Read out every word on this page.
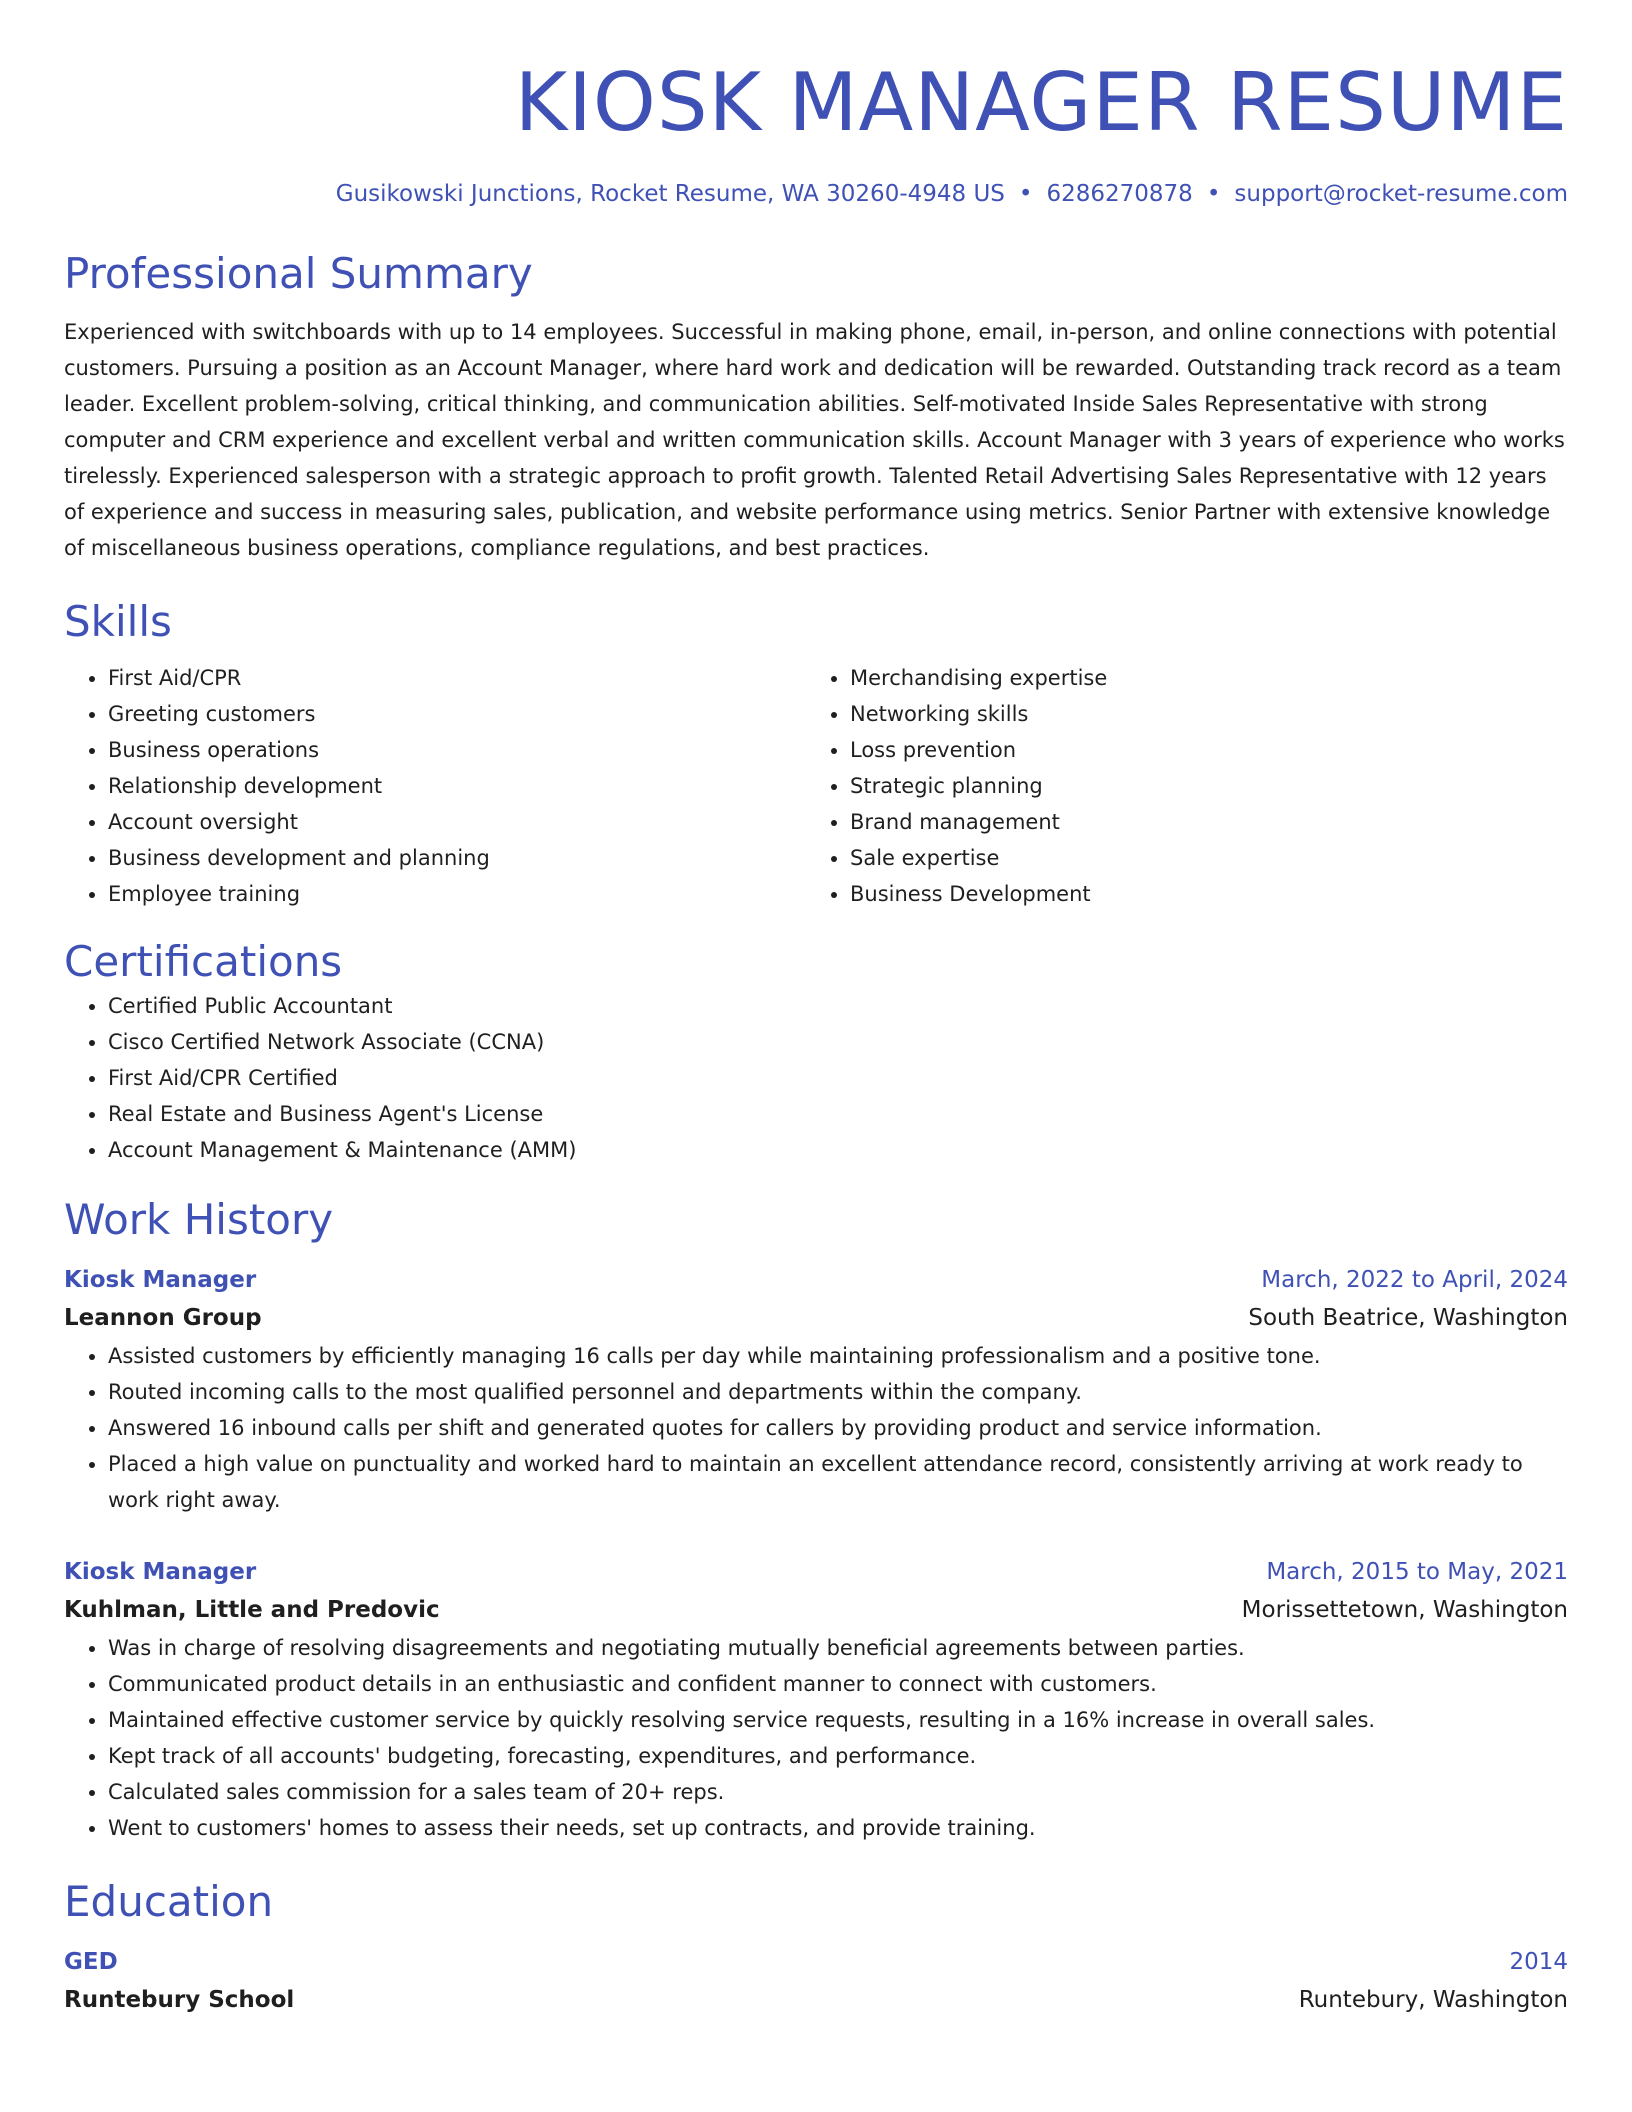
KIOSK MANAGER RESUME
Gusikowski Junctions, Rocket Resume, WA 30260-4948 US • 6286270878 • support@rocket-resume.com
Professional Summary
Experienced with switchboards with up to 14 employees. Successful in making phone, email, in-person, and online connections with potential customers. Pursuing a position as an Account Manager, where hard work and dedication will be rewarded. Outstanding track record as a team leader. Excellent problem-solving, critical thinking, and communication abilities. Self-motivated Inside Sales Representative with strong computer and CRM experience and excellent verbal and written communication skills. Account Manager with 3 years of experience who works tirelessly. Experienced salesperson with a strategic approach to profit growth. Talented Retail Advertising Sales Representative with 12 years of experience and success in measuring sales, publication, and website performance using metrics. Senior Partner with extensive knowledge of miscellaneous business operations, compliance regulations, and best practices.
Skills
• First Aid/CPR
• Greeting customers
• Business operations
• Relationship development
• Account oversight
• Business development and planning
• Employee training
• Merchandising expertise
• Networking skills
• Loss prevention
• Strategic planning
• Brand management
• Sale expertise
• Business Development
Certifications
• Certified Public Accountant
• Cisco Certified Network Associate (CCNA)
• First Aid/CPR Certified
• Real Estate and Business Agent's License
• Account Management & Maintenance (AMM)
Work History
Kiosk Manager	March, 2022 to April, 2024
Leannon Group	South Beatrice, Washington
• Assisted customers by efficiently managing 16 calls per day while maintaining professionalism and a positive tone.
• Routed incoming calls to the most qualified personnel and departments within the company.
• Answered 16 inbound calls per shift and generated quotes for callers by providing product and service information.
• Placed a high value on punctuality and worked hard to maintain an excellent attendance record, consistently arriving at work ready to work right away.
Kiosk Manager	March, 2015 to May, 2021
Kuhlman, Little and Predovic	Morissettetown, Washington
• Was in charge of resolving disagreements and negotiating mutually beneficial agreements between parties.
• Communicated product details in an enthusiastic and confident manner to connect with customers.
• Maintained effective customer service by quickly resolving service requests, resulting in a 16% increase in overall sales.
• Kept track of all accounts' budgeting, forecasting, expenditures, and performance.
• Calculated sales commission for a sales team of 20+ reps.
• Went to customers' homes to assess their needs, set up contracts, and provide training.
Education
GED	2014
Runtebury School	Runtebury, Washington
